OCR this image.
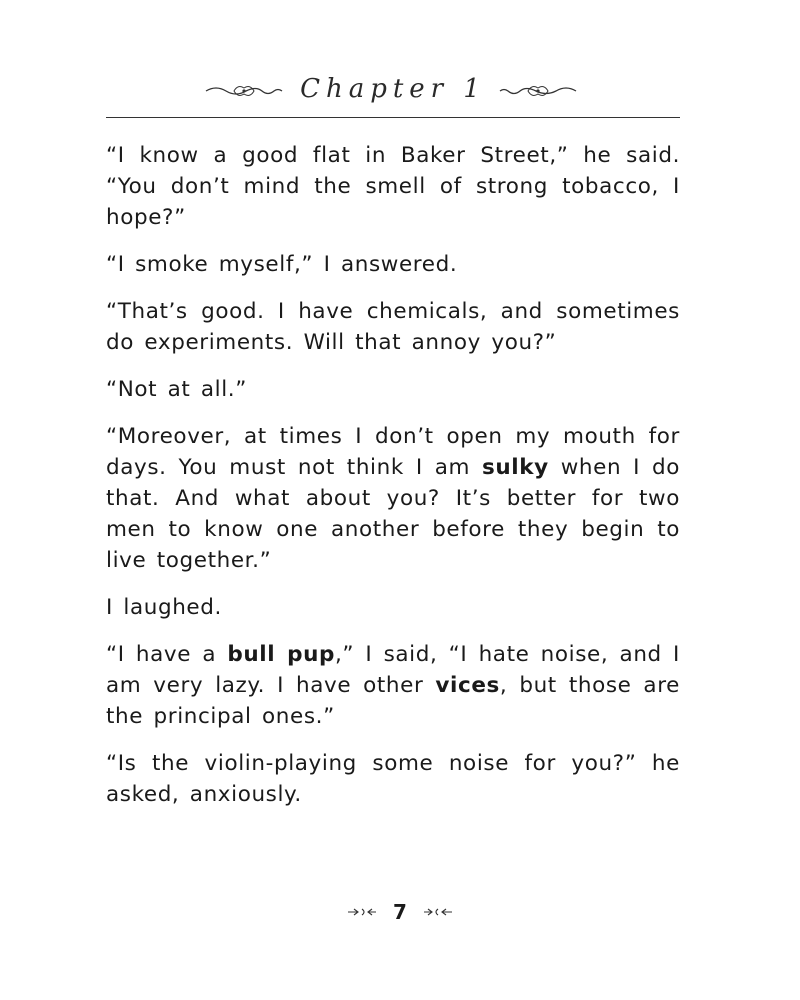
Chapter 1

“I know a good flat in Baker Street,” he said. “You don’t mind the smell of strong tobacco, I hope?”

“I smoke myself,” I answered.

“That’s good. I have chemicals, and sometimes do experiments. Will that annoy you?”

“Not at all.”

“Moreover, at times I don’t open my mouth for days. You must not think I am sulky when I do that. And what about you? It’s better for two men to know one another before they begin to live together.”

I laughed.

“I have a bull pup,” I said, “I hate noise, and I am very lazy. I have other vices, but those are the principal ones.”

“Is the violin-playing some noise for you?” he asked, anxiously.

7
